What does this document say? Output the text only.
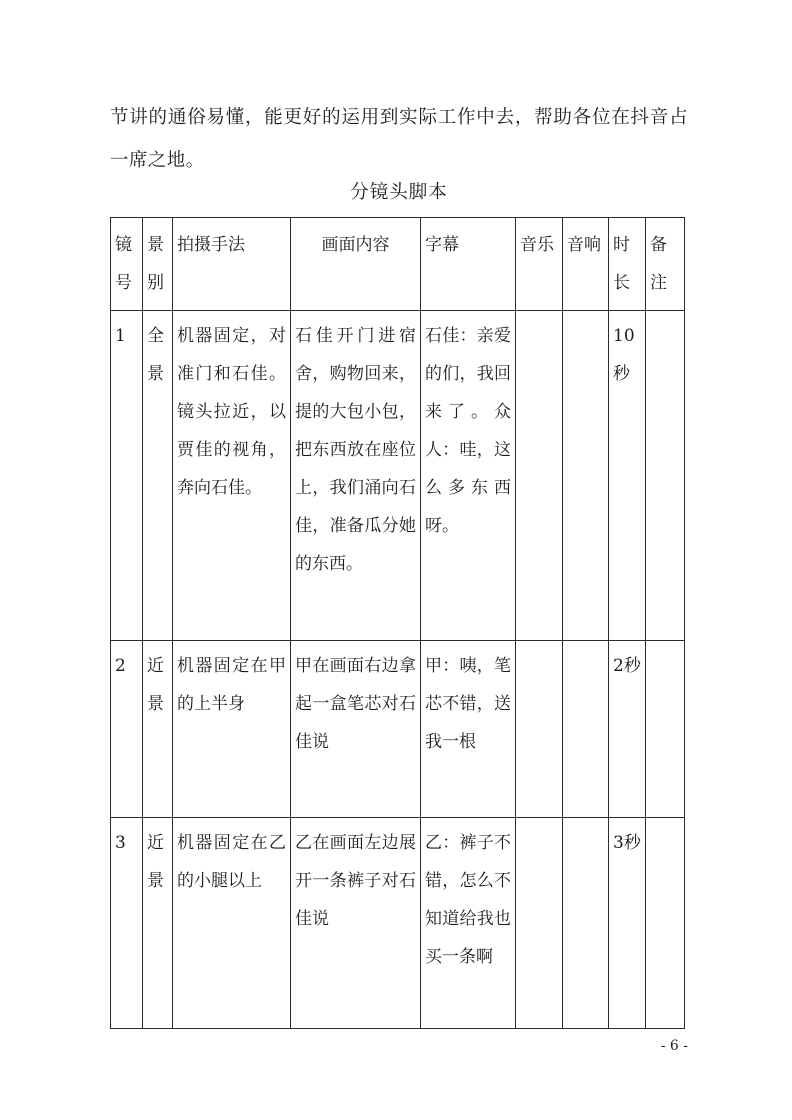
节讲的通俗易懂，能更好的运用到实际工作中去，帮助各位在抖音占一席之地。

分镜头脚本
镜号	景别	拍摄手法	画面内容	字幕	音乐	音响	时长	备注
1	全景	机器固定，对准门和石佳。镜头拉近，以贾佳的视角，奔向石佳。	石佳开门进宿舍，购物回来，提的大包小包，把东西放在座位上，我们涌向石佳，准备瓜分她的东西。	石佳：亲爱的们，我回来了。众人：哇，这么多东西呀。			10秒	
2	近景	机器固定在甲的上半身	甲在画面右边拿起一盒笔芯对石佳说	甲：咦，笔芯不错，送我一根			2秒	
3	近景	机器固定在乙的小腿以上	乙在画面左边展开一条裤子对石佳说	乙：裤子不错，怎么不知道给我也买一条啊			3秒	
- 6 -
